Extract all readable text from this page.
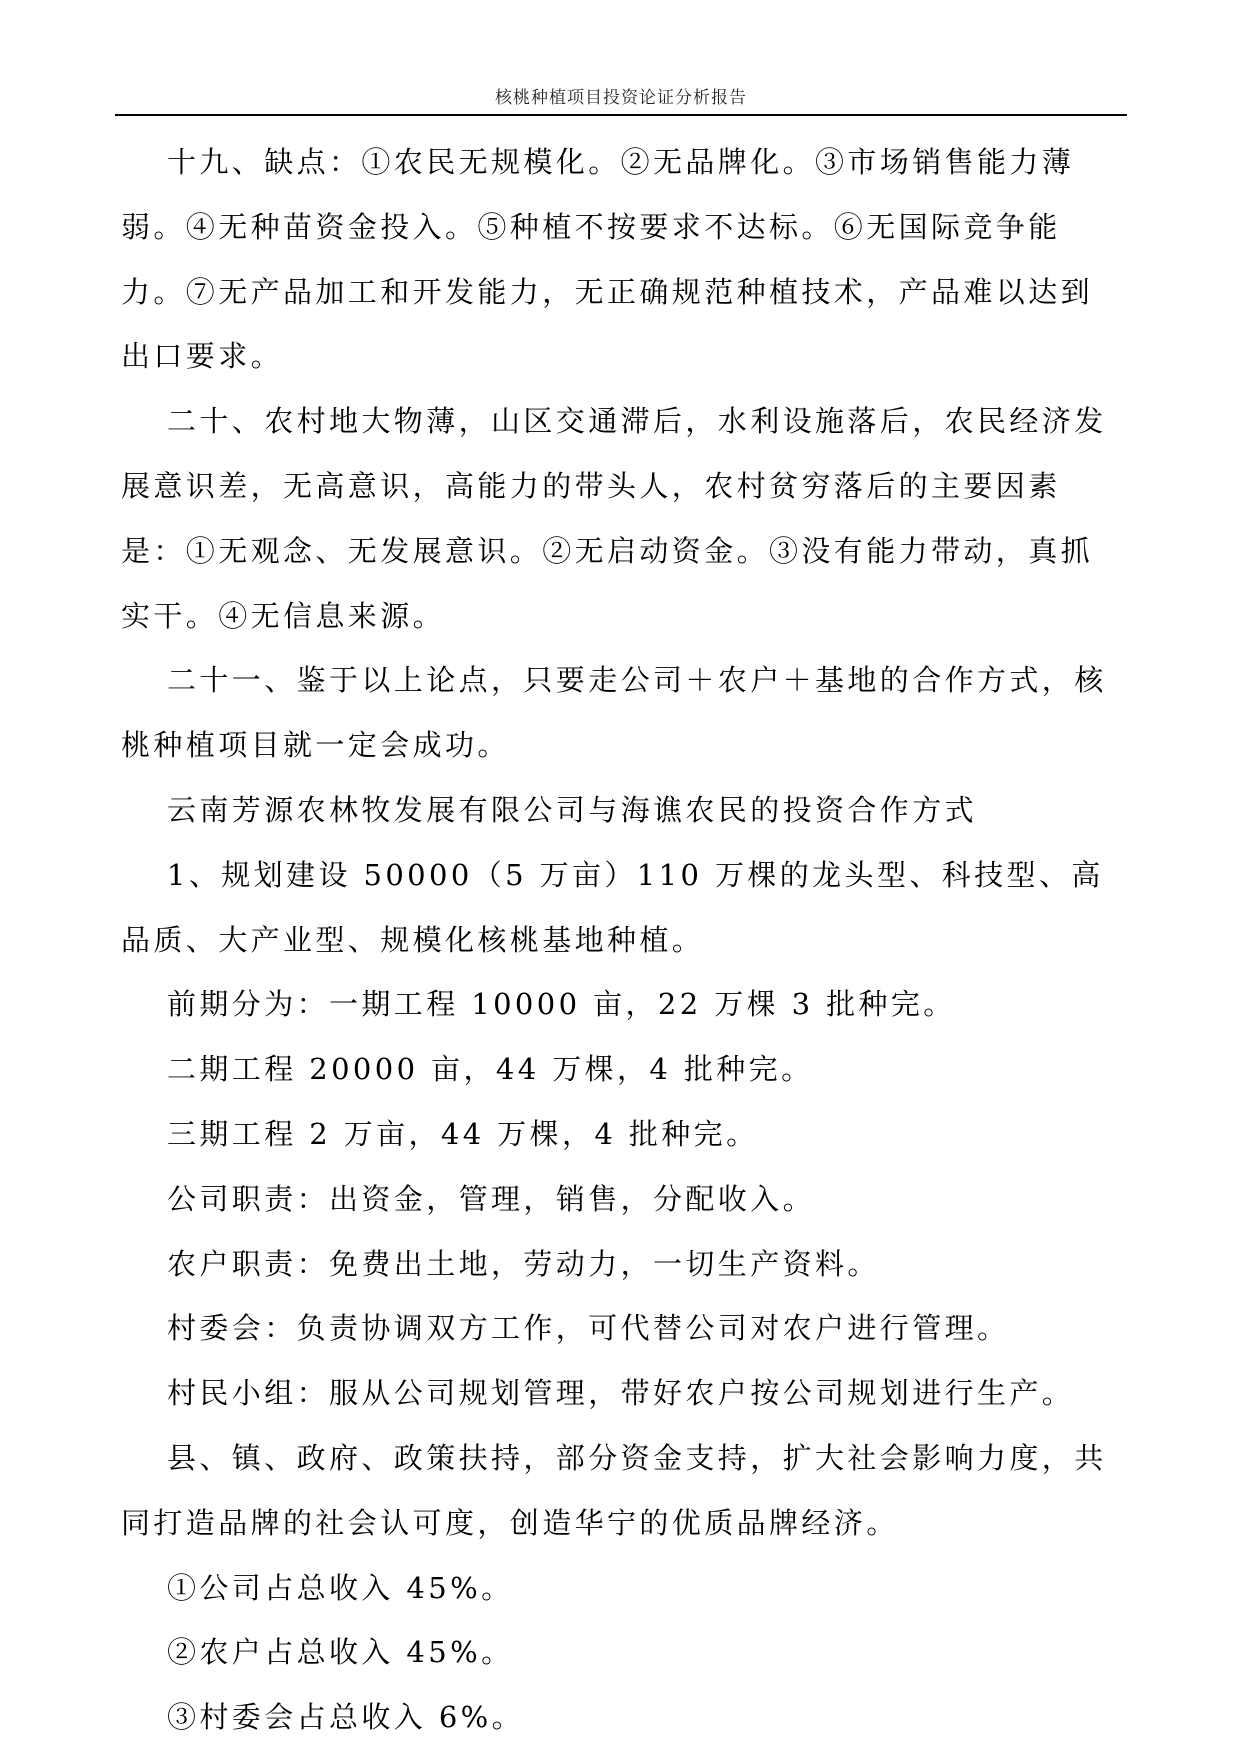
核桃种植项目投资论证分析报告

十九、缺点：①农民无规模化。②无品牌化。③市场销售能力薄弱。④无种苗资金投入。⑤种植不按要求不达标。⑥无国际竞争能力。⑦无产品加工和开发能力，无正确规范种植技术，产品难以达到出口要求。

二十、农村地大物薄，山区交通滞后，水利设施落后，农民经济发展意识差，无高意识，高能力的带头人，农村贫穷落后的主要因素是：①无观念、无发展意识。②无启动资金。③没有能力带动，真抓实干。④无信息来源。

二十一、鉴于以上论点，只要走公司＋农户＋基地的合作方式，核桃种植项目就一定会成功。

云南芳源农林牧发展有限公司与海谯农民的投资合作方式

1、规划建设 50000（5 万亩）110 万棵的龙头型、科技型、高品质、大产业型、规模化核桃基地种植。

前期分为：一期工程 10000 亩，22 万棵 3 批种完。

二期工程 20000 亩，44 万棵，4 批种完。

三期工程 2 万亩，44 万棵，4 批种完。

公司职责：出资金，管理，销售，分配收入。

农户职责：免费出土地，劳动力，一切生产资料。

村委会：负责协调双方工作，可代替公司对农户进行管理。

村民小组：服从公司规划管理，带好农户按公司规划进行生产。

县、镇、政府、政策扶持，部分资金支持，扩大社会影响力度，共同打造品牌的社会认可度，创造华宁的优质品牌经济。

①公司占总收入 45%。

②农户占总收入 45%。

③村委会占总收入 6%。
